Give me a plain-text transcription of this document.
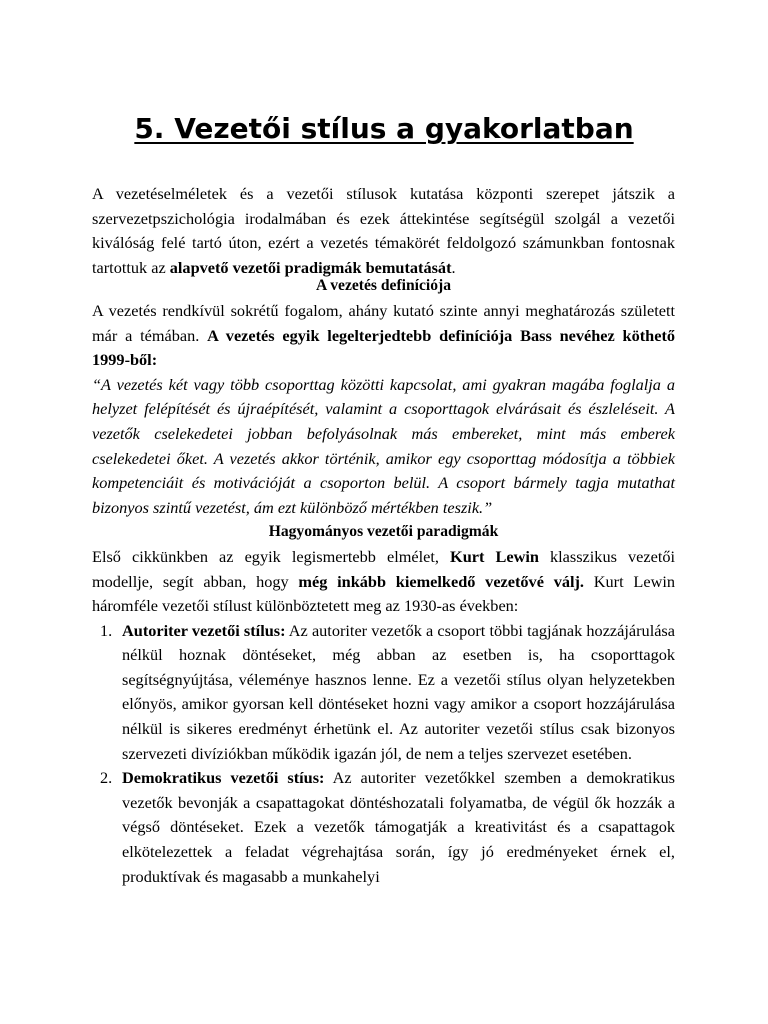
5. Vezetői stílus a gyakorlatban

A vezetéselméletek és a vezetői stílusok kutatása központi szerepet játszik a szervezetpszichológia irodalmában és ezek áttekintése segítségül szolgál a vezetői kiválóság felé tartó úton, ezért a vezetés témakörét feldolgozó számunkban fontosnak tartottuk az alapvető vezetői pradigmák bemutatását.

A vezetés definíciója

A vezetés rendkívül sokrétű fogalom, ahány kutató szinte annyi meghatározás született már a témában. A vezetés egyik legelterjedtebb definíciója Bass nevéhez köthető 1999-ből:

“A vezetés két vagy több csoporttag közötti kapcsolat, ami gyakran magába foglalja a helyzet felépítését és újraépítését, valamint a csoporttagok elvárásait és észleléseit. A vezetők cselekedetei jobban befolyásolnak más embereket, mint más emberek cselekedetei őket. A vezetés akkor történik, amikor egy csoporttag módosítja a többiek kompetenciáit és motivációját a csoporton belül. A csoport bármely tagja mutathat bizonyos szintű vezetést, ám ezt különböző mértékben teszik.”

Hagyományos vezetői paradigmák

Első cikkünkben az egyik legismertebb elmélet, Kurt Lewin klasszikus vezetői modellje, segít abban, hogy még inkább kiemelkedő vezetővé válj. Kurt Lewin háromféle vezetői stílust különböztetett meg az 1930-as években:

1. Autoriter vezetői stílus: Az autoriter vezetők a csoport többi tagjának hozzájárulása nélkül hoznak döntéseket, még abban az esetben is, ha csoporttagok segítségnyújtása, véleménye hasznos lenne. Ez a vezetői stílus olyan helyzetekben előnyös, amikor gyorsan kell döntéseket hozni vagy amikor a csoport hozzájárulása nélkül is sikeres eredményt érhetünk el. Az autoriter vezetői stílus csak bizonyos szervezeti divíziókban működik igazán jól, de nem a teljes szervezet esetében.
2. Demokratikus vezetői stíus: Az autoriter vezetőkkel szemben a demokratikus vezetők bevonják a csapattagokat döntéshozatali folyamatba, de végül ők hozzák a végső döntéseket. Ezek a vezetők támogatják a kreativitást és a csapattagok elkötelezettek a feladat végrehajtása során, így jó eredményeket érnek el, produktívak és magasabb a munkahelyi
